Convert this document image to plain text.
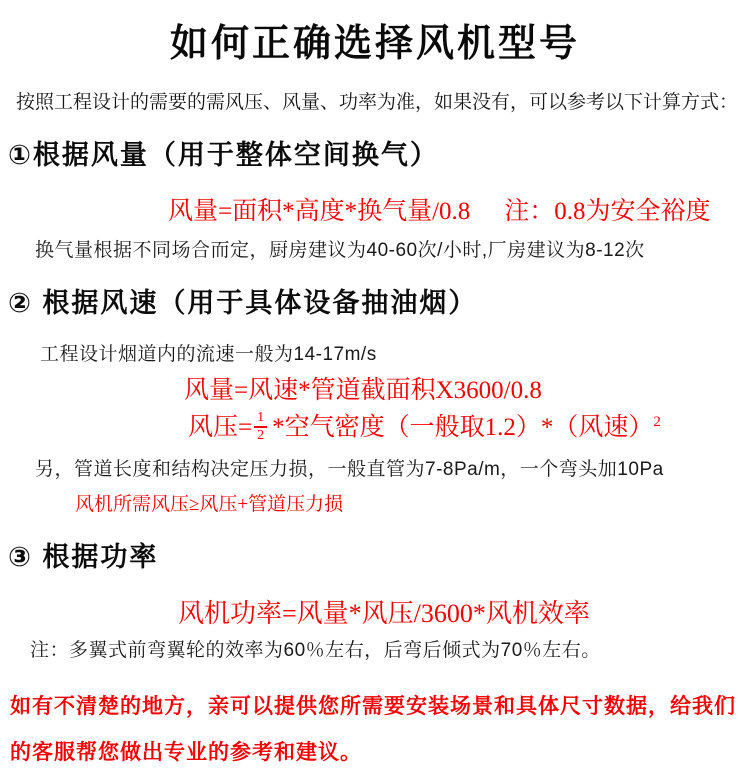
如何正确选择风机型号

按照工程设计的需要的需风压、风量、功率为准，如果没有，可以参考以下计算方式：

①根据风量（用于整体空间换气）
风量=面积*高度*换气量/0.8 注：0.8为安全裕度

换气量根据不同场合而定，厨房建议为40-60次/小时,厂房建议为8-12次

② 根据风速（用于具体设备抽油烟）

工程设计烟道内的流速一般为14-17m/s

风量=风速*管道截面积X3600/0.8
风压= $\frac{1}{2}$ *空气密度（一般取1.2）*（风速）$^2$

另，管道长度和结构决定压力损，一般直管为7-8Pa/m，一个弯头加10Pa

风机所需风压≥风压+管道压力损

③ 根据功率
风机功率=风量*风压/3600*风机效率

注：多翼式前弯翼轮的效率为60％左右，后弯后倾式为70％左右。

如有不清楚的地方，亲可以提供您所需要安装场景和具体尺寸数据，给我们的客服帮您做出专业的参考和建议。
